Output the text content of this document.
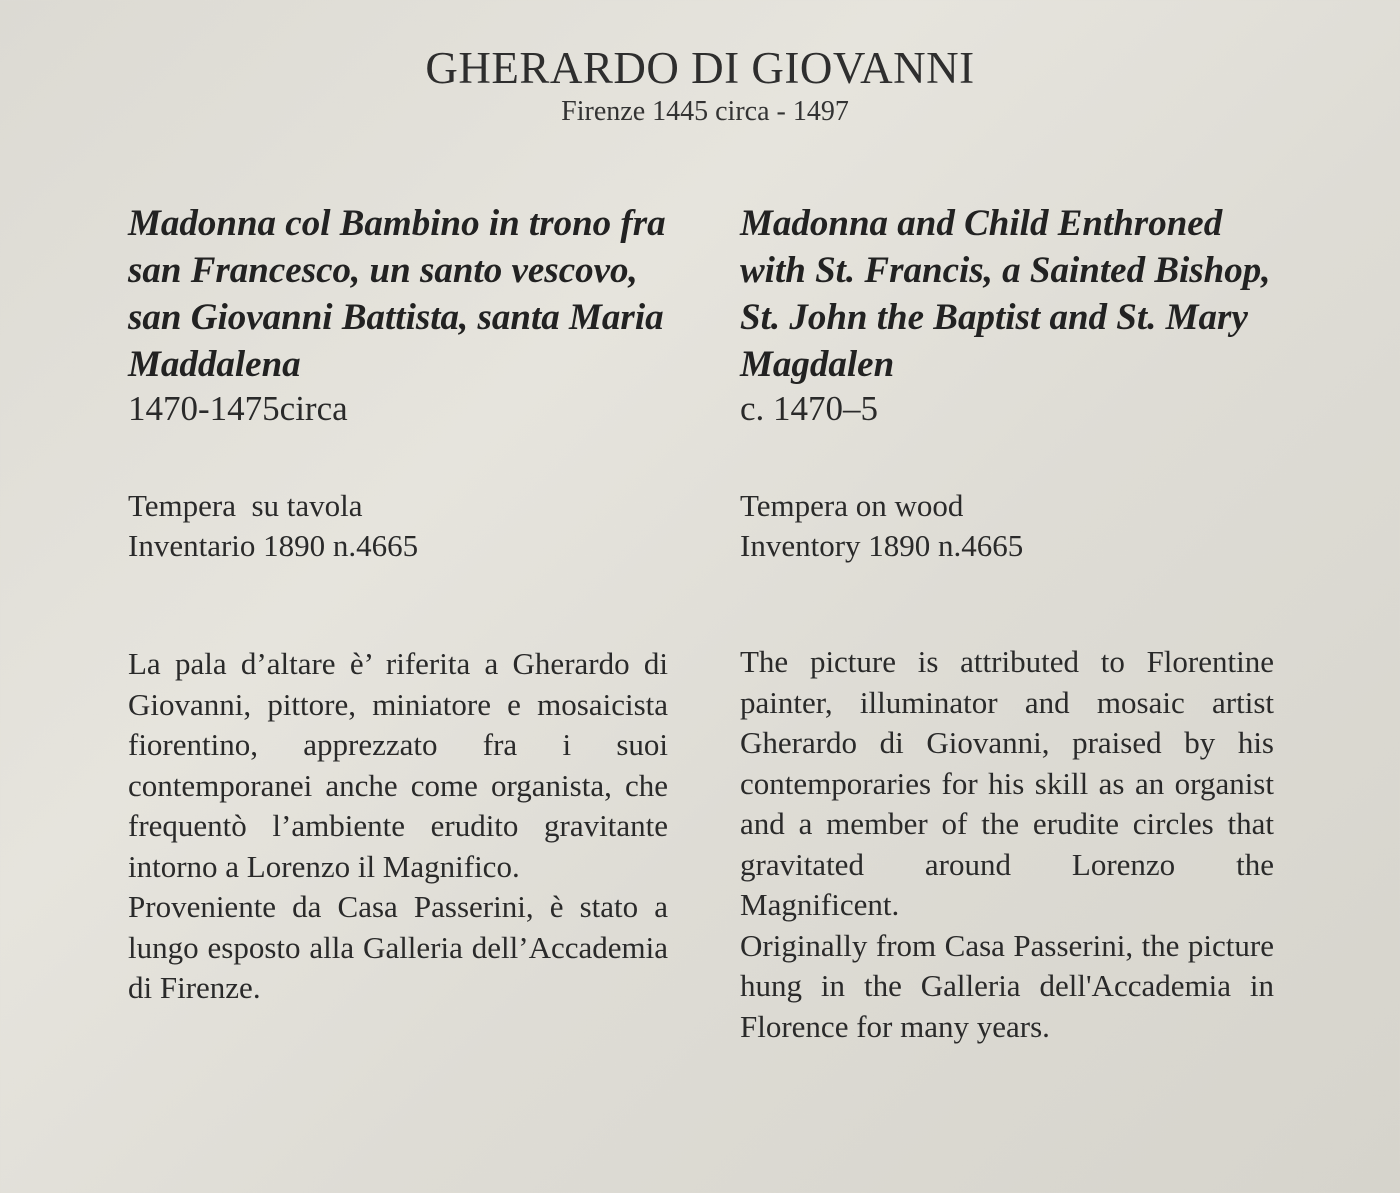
GHERARDO DI GIOVANNI
Firenze 1445 circa - 1497

Madonna col Bambino in trono fra san Francesco, un santo vescovo, san Giovanni Battista, santa Maria Maddalena

1470-1475circa

Tempera  su tavola
Inventario 1890 n.4665

La pala d’altare è’ riferita a Gherardo di Giovanni, pittore, miniatore e mosaicista fiorentino, apprezzato fra i suoi contemporanei anche come organista, che frequentò l’ambiente erudito gravitante intorno a Lorenzo il Magnifico.

Proveniente da Casa Passerini, è stato a lungo esposto alla Galleria dell’Accademia di Firenze.

Madonna and Child Enthroned with St. Francis, a Sainted Bishop, St. John the Baptist and St. Mary Magdalen

c. 1470–5

Tempera on wood
Inventory 1890 n.4665

The picture is attributed to Florentine painter, illuminator and mosaic artist Gherardo di Giovanni, praised by his contemporaries for his skill as an organist and a member of the erudite circles that gravitated around Lorenzo the Magnificent.

Originally from Casa Passerini, the picture hung in the Galleria dell'Accademia in Florence for many years.
